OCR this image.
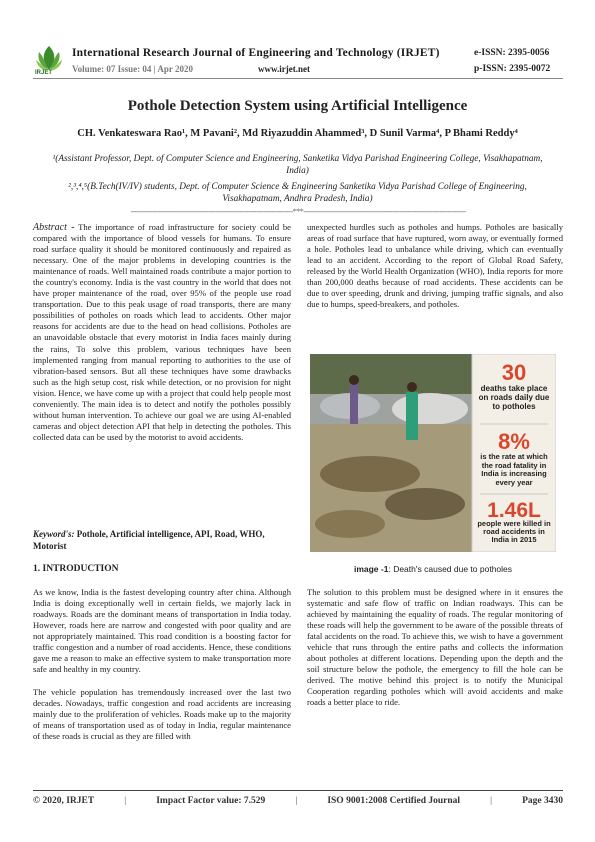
IRJET
International Research Journal of Engineering and Technology (IRJET)	e-ISSN: 2395-0056
Volume: 07 Issue: 04 | Apr 2020	www.irjet.net	p-ISSN: 2395-0072
Pothole Detection System using Artificial Intelligence
CH. Venkateswara Rao¹, M Pavani², Md Riyazuddin Ahammed³, D Sunil Varma⁴, P Bhami Reddy⁴
¹(Assistant Professor, Dept. of Computer Science and Engineering, Sanketika Vidya Parishad Engineering College, Visakhapatnam, India)
²,³,⁴,⁵(B.Tech(IV/IV) students, Dept. of Computer Science & Engineering Sanketika Vidya Parishad College of Engineering, Visakhapatnam, Andhra Pradesh, India)
---------------------------------------------------------------------------***---------------------------------------------------------------------------
Abstract - The importance of road infrastructure for society could be compared with the importance of blood vessels for humans. To ensure road surface quality it should be monitored continuously and repaired as necessary. One of the major problems in developing countries is the maintenance of roads. Well maintained roads contribute a major portion to the country's economy. India is the vast country in the world that does not have proper maintenance of the road, over 95% of the people use road transportation. Due to this peak usage of road transports, there are many possibilities of potholes on roads which lead to accidents. Other major reasons for accidents are due to the head on head collisions. Potholes are an unavoidable obstacle that every motorist in India faces mainly during the rains, To solve this problem, various techniques have been implemented ranging from manual reporting to authorities to the use of vibration-based sensors. But all these techniques have some drawbacks such as the high setup cost, risk while detection, or no provision for night vision. Hence, we have come up with a project that could help people most conveniently. The main idea is to detect and notify the potholes possibly without human intervention. To achieve our goal we are using AI-enabled cameras and object detection API that help in detecting the potholes. This collected data can be used by the motorist to avoid accidents.
Keyword's: Pothole, Artificial intelligence, API, Road, WHO, Motorist
1. INTRODUCTION
As we know, India is the fastest developing country after china. Although India is doing exceptionally well in certain fields, we majorly lack in roadways. Roads are the dominant means of transportation in India today. However, roads here are narrow and congested with poor quality and are not appropriately maintained. This road condition is a boosting factor for traffic congestion and a number of road accidents. Hence, these conditions gave me a reason to make an effective system to make transportation more safe and healthy in my country.
The vehicle population has tremendously increased over the last two decades. Nowadays, traffic congestion and road accidents are increasing mainly due to the proliferation of vehicles. Roads make up to the majority of means of transportation used as of today in India, regular maintenance of these roads is crucial as they are filled with
unexpected hurdles such as potholes and humps. Potholes are basically areas of road surface that have ruptured, worn away, or eventually formed a hole. Potholes lead to unbalance while driving, which can eventually lead to an accident. According to the report of Global Road Safety, released by the World Health Organization (WHO), India reports for more than 200,000 deaths because of road accidents. These accidents can be due to over speeding, drunk and driving, jumping traffic signals, and also due to humps, speed-breakers, and potholes.
30
deaths take place on roads daily due to potholes
8%
is the rate at which the road fatality in India is increasing every year
1.46L
people were killed in road accidents in India in 2015
image -1: Death's caused due to potholes
The solution to this problem must be designed where in it ensures the systematic and safe flow of traffic on Indian roadways. This can be achieved by maintaining the equality of roads. The regular monitoring of these roads will help the government to be aware of the possible threats of fatal accidents on the road. To achieve this, we wish to have a government vehicle that runs through the entire paths and collects the information about potholes at different locations. Depending upon the depth and the soil structure below the pothole, the emergency to fill the hole can be derived. The motive behind this project is to notify the Municipal Cooperation regarding potholes which will avoid accidents and make roads a better place to ride.
© 2020, IRJET	|	Impact Factor value: 7.529	|	ISO 9001:2008 Certified Journal	|	Page 3430
